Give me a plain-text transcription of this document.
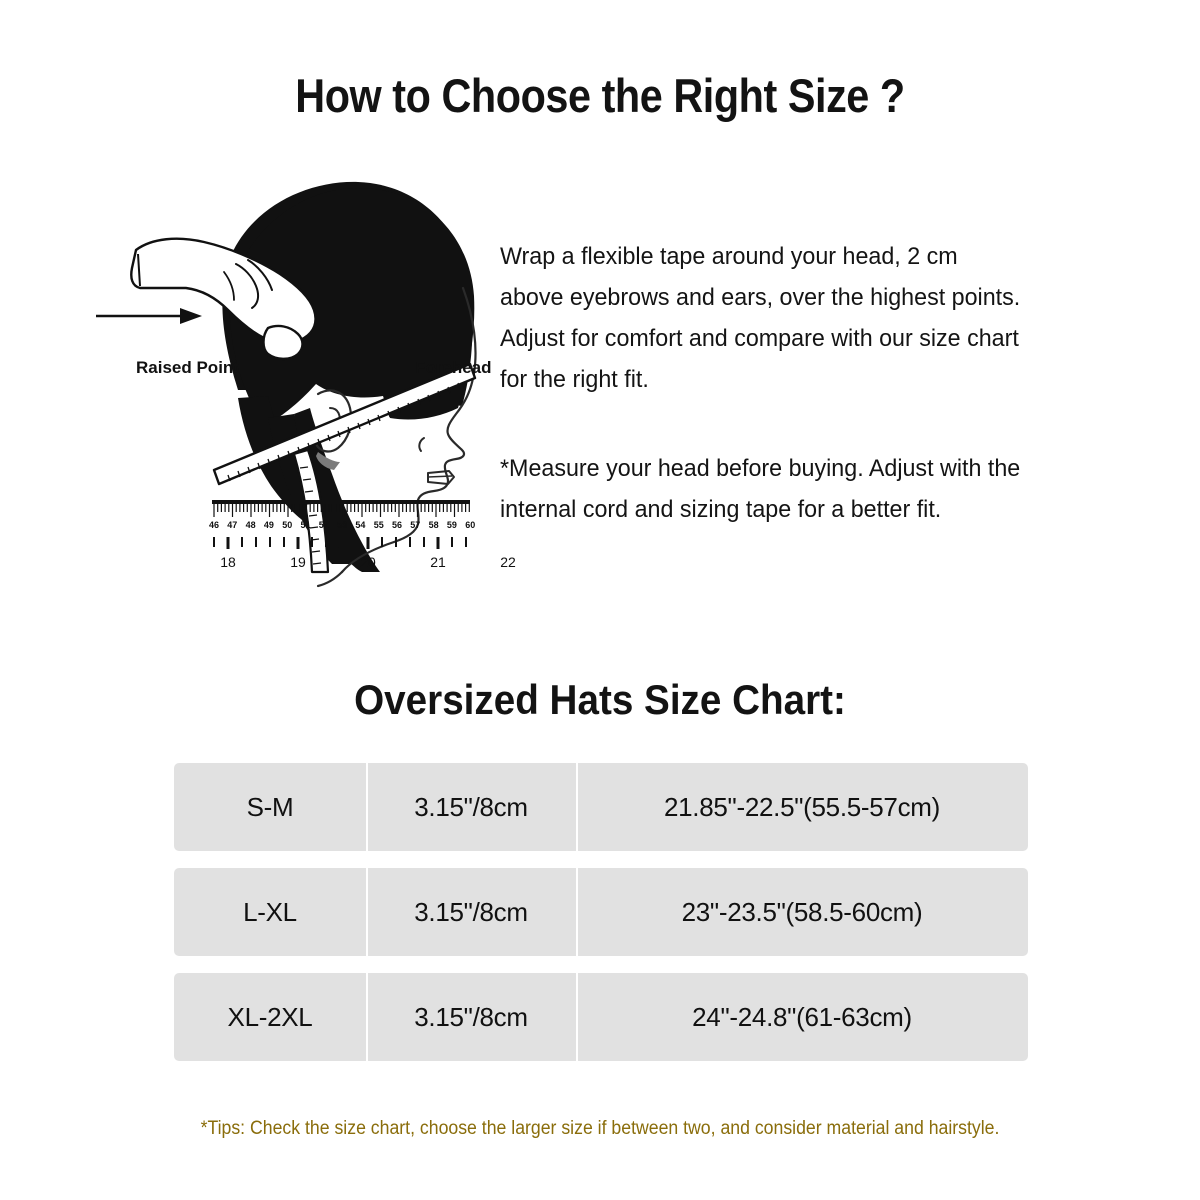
How to Choose the Right Size ?
Forehead
Raised Point
46 47 48 49 50 51 52 53 54 55 56 57 58 59 60
18	19	20	21	22
Wrap a flexible tape around your head, 2 cm above eyebrows and ears, over the highest points. Adjust for comfort and compare with our size chart for the right fit.
*Measure your head before buying. Adjust with the internal cord and sizing tape for a better fit.
Oversized Hats Size Chart:
S-M	3.15"/8cm	21.85"-22.5"(55.5-57cm)
L-XL	3.15"/8cm	23"-23.5"(58.5-60cm)
XL-2XL	3.15"/8cm	24"-24.8"(61-63cm)
*Tips: Check the size chart, choose the larger size if between two, and consider material and hairstyle.
